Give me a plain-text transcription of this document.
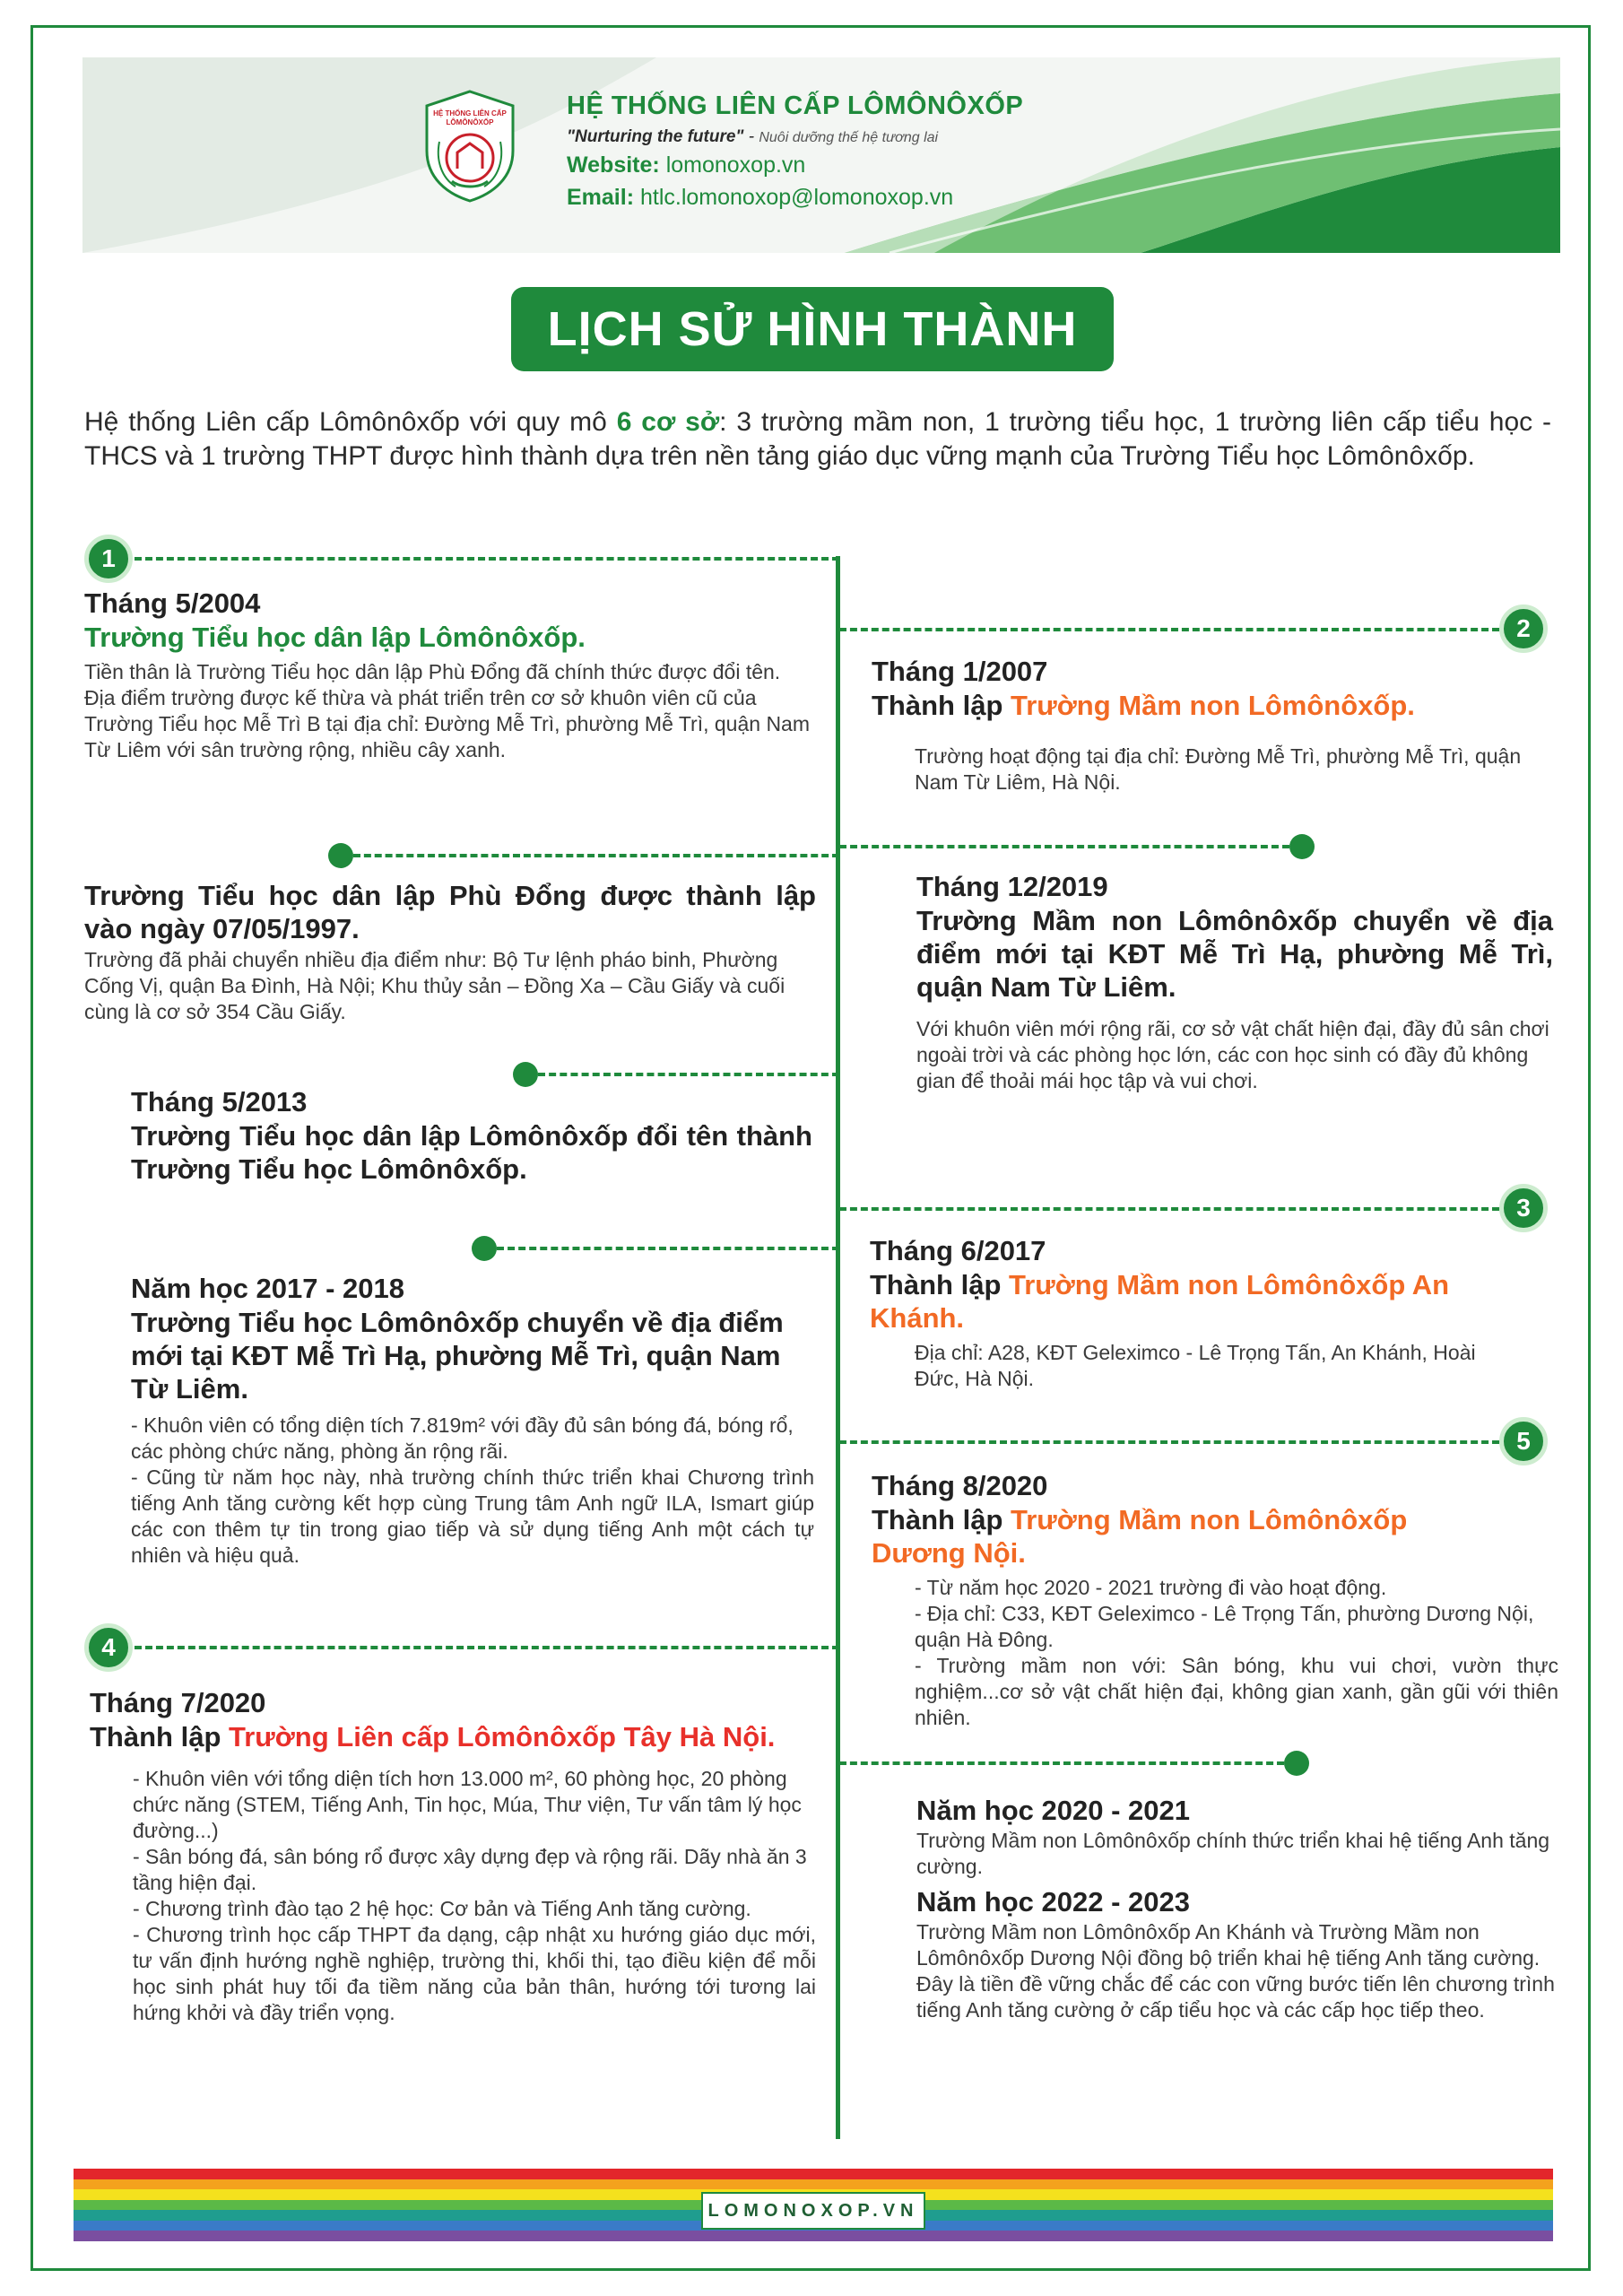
HỆ THỐNG LIÊN CẤP
LÔMÔNÔXỐP
HỆ THỐNG LIÊN CẤP LÔMÔNÔXỐP
"Nurturing the future" - Nuôi dưỡng thế hệ tương lai
Website: lomonoxop.vn
Email: htlc.lomonoxop@lomonoxop.vn
LỊCH SỬ HÌNH THÀNH
Hệ thống Liên cấp Lômônôxốp với quy mô 6 cơ sở: 3 trường mầm non, 1 trường tiểu học, 1 trường liên cấp tiểu học - THCS và 1 trường THPT được hình thành dựa trên nền tảng giáo dục vững mạnh của Trường Tiểu học Lômônôxốp.
1
2
3
5
4
Tháng 5/2004
Trường Tiểu học dân lập Lômônôxốp.

Tiền thân là Trường Tiểu học dân lập Phù Đổng đã chính thức được đổi tên.

Địa điểm trường được kế thừa và phát triển trên cơ sở khuôn viên cũ của Trường Tiểu học Mễ Trì B tại địa chỉ: Đường Mễ Trì, phường Mễ Trì, quận Nam Từ Liêm với sân trường rộng, nhiều cây xanh.

Tháng 1/2007
Thành lập Trường Mầm non Lômônôxốp.

Trường hoạt động tại địa chỉ: Đường Mễ Trì, phường Mễ Trì, quận Nam Từ Liêm, Hà Nội.

Trường Tiểu học dân lập Phù Đổng được thành lập vào ngày 07/05/1997.

Trường đã phải chuyển nhiều địa điểm như: Bộ Tư lệnh pháo binh, Phường Cống Vị, quận Ba Đình, Hà Nội; Khu thủy sản – Đồng Xa – Cầu Giấy và cuối cùng là cơ sở 354 Cầu Giấy.

Tháng 12/2019
Trường Mầm non Lômônôxốp chuyển về địa điểm mới tại KĐT Mễ Trì Hạ, phường Mễ Trì, quận Nam Từ Liêm.

Với khuôn viên mới rộng rãi, cơ sở vật chất hiện đại, đầy đủ sân chơi ngoài trời và các phòng học lớn, các con học sinh có đầy đủ không gian để thoải mái học tập và vui chơi.

Tháng 5/2013
Trường Tiểu học dân lập Lômônôxốp đổi tên thành Trường Tiểu học Lômônôxốp.
Tháng 6/2017
Thành lập Trường Mầm non Lômônôxốp An Khánh.

Địa chỉ: A28, KĐT Geleximco - Lê Trọng Tấn, An Khánh, Hoài Đức, Hà Nội.

Năm học 2017 - 2018
Trường Tiểu học Lômônôxốp chuyển về địa điểm mới tại KĐT Mễ Trì Hạ, phường Mễ Trì, quận Nam Từ Liêm.

- Khuôn viên có tổng diện tích 7.819m² với đầy đủ sân bóng đá, bóng rổ, các phòng chức năng, phòng ăn rộng rãi.

- Cũng từ năm học này, nhà trường chính thức triển khai Chương trình tiếng Anh tăng cường kết hợp cùng Trung tâm Anh ngữ ILA, Ismart giúp các con thêm tự tin trong giao tiếp và sử dụng tiếng Anh một cách tự nhiên và hiệu quả.

Tháng 8/2020
Thành lập Trường Mầm non Lômônôxốp Dương Nội.

- Từ năm học 2020 - 2021 trường đi vào hoạt động.

- Địa chỉ: C33, KĐT Geleximco - Lê Trọng Tấn, phường Dương Nội, quận Hà Đông.

- Trường mầm non với: Sân bóng, khu vui chơi, vườn thực nghiệm...cơ sở vật chất hiện đại, không gian xanh, gần gũi với thiên nhiên.

Tháng 7/2020
Thành lập Trường Liên cấp Lômônôxốp Tây Hà Nội.

- Khuôn viên với tổng diện tích hơn 13.000 m², 60 phòng học, 20 phòng chức năng (STEM, Tiếng Anh, Tin học, Múa, Thư viện, Tư vấn tâm lý học đường...)

- Sân bóng đá, sân bóng rổ được xây dựng đẹp và rộng rãi. Dãy nhà ăn 3 tầng hiện đại.

- Chương trình đào tạo 2 hệ học: Cơ bản và Tiếng Anh tăng cường.

- Chương trình học cấp THPT đa dạng, cập nhật xu hướng giáo dục mới, tư vấn định hướng nghề nghiệp, trường thi, khối thi, tạo điều kiện để mỗi học sinh phát huy tối đa tiềm năng của bản thân, hướng tới tương lai hứng khởi và đầy triển vọng.

Năm học 2020 - 2021

Trường Mầm non Lômônôxốp chính thức triển khai hệ tiếng Anh tăng cường.

Năm học 2022 - 2023

Trường Mầm non Lômônôxốp An Khánh và Trường Mầm non Lômônôxốp Dương Nội đồng bộ triển khai hệ tiếng Anh tăng cường.

Đây là tiền đề vững chắc để các con vững bước tiến lên chương trình tiếng Anh tăng cường ở cấp tiểu học và các cấp học tiếp theo.

LOMONOXOP.VN
